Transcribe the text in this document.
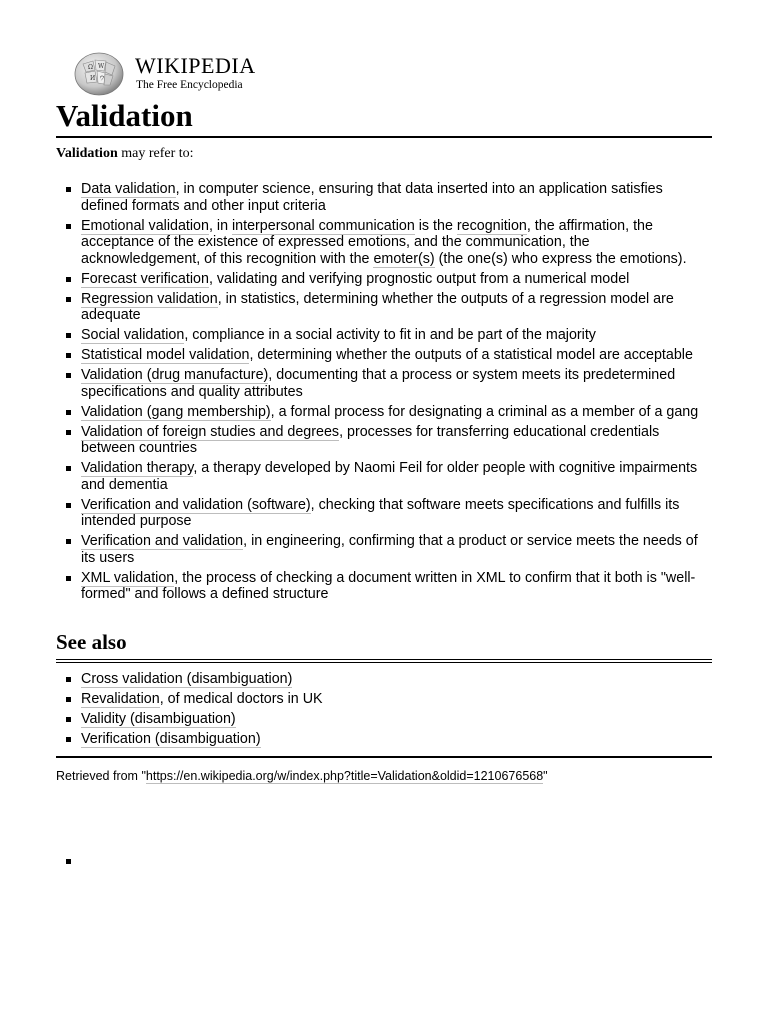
Ω W
И ウ
WIKIPEDIA
The Free Encyclopedia
Validation

Validation may refer to:

Data validation, in computer science, ensuring that data inserted into an application satisfies defined formats and other input criteria
Emotional validation, in interpersonal communication is the recognition, the affirmation, the acceptance of the existence of expressed emotions, and the communication, the acknowledgement, of this recognition with the emoter(s) (the one(s) who express the emotions).
Forecast verification, validating and verifying prognostic output from a numerical model
Regression validation, in statistics, determining whether the outputs of a regression model are adequate
Social validation, compliance in a social activity to fit in and be part of the majority
Statistical model validation, determining whether the outputs of a statistical model are acceptable
Validation (drug manufacture), documenting that a process or system meets its predetermined specifications and quality attributes
Validation (gang membership), a formal process for designating a criminal as a member of a gang
Validation of foreign studies and degrees, processes for transferring educational credentials between countries
Validation therapy, a therapy developed by Naomi Feil for older people with cognitive impairments and dementia
Verification and validation (software), checking that software meets specifications and fulfills its intended purpose
Verification and validation, in engineering, confirming that a product or service meets the needs of its users
XML validation, the process of checking a document written in XML to confirm that it both is "well-formed" and follows a defined structure
See also
Cross validation (disambiguation)
Revalidation, of medical doctors in UK
Validity (disambiguation)
Verification (disambiguation)
Retrieved from "https://en.wikipedia.org/w/index.php?title=Validation&oldid=1210676568"
